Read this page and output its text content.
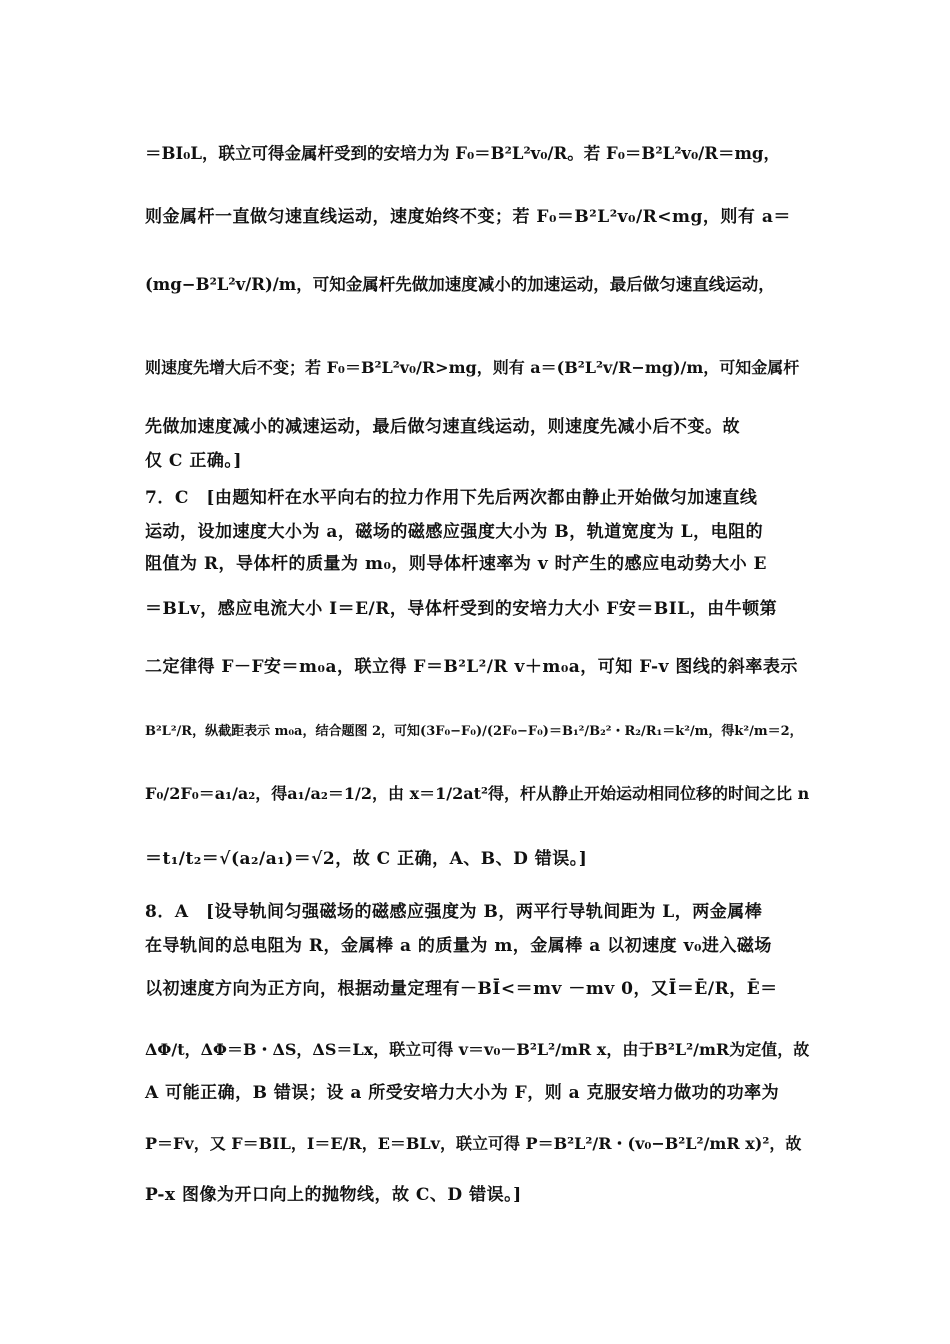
＝BI₀L，联立可得金属杆受到的安培力为 F₀＝B²L²v₀/R。若 F₀＝B²L²v₀/R＝mg，
则金属杆一直做匀速直线运动，速度始终不变；若 F₀＝B²L²v₀/R<mg，则有 a＝
(mg−B²L²v/R)/m，可知金属杆先做加速度减小的加速运动，最后做匀速直线运动，
则速度先增大后不变；若 F₀＝B²L²v₀/R>mg，则有 a＝(B²L²v/R−mg)/m，可知金属杆
先做加速度减小的减速运动，最后做匀速直线运动，则速度先减小后不变。故
仅 C 正确。]
7．C　[由题知杆在水平向右的拉力作用下先后两次都由静止开始做匀加速直线
运动，设加速度大小为 a，磁场的磁感应强度大小为 B，轨道宽度为 L，电阻的
阻值为 R，导体杆的质量为 m₀，则导体杆速率为 v 时产生的感应电动势大小 E
＝BLv，感应电流大小 I＝E/R，导体杆受到的安培力大小 F安＝BIL，由牛顿第
二定律得 F－F安＝m₀a，联立得 F＝B²L²/R v＋m₀a，可知 F-v 图线的斜率表示
B²L²/R，纵截距表示 m₀a，结合题图 2，可知(3F₀−F₀)/(2F₀−F₀)＝B₁²/B₂²・R₂/R₁＝k²/m，得k²/m＝2，
F₀/2F₀＝a₁/a₂，得a₁/a₂＝1/2，由 x＝1/2at²得，杆从静止开始运动相同位移的时间之比 n
＝t₁/t₂＝√(a₂/a₁)＝√2，故 C 正确，A、B、D 错误。]
8．A　[设导轨间匀强磁场的磁感应强度为 B，两平行导轨间距为 L，两金属棒
在导轨间的总电阻为 R，金属棒 a 的质量为 m，金属棒 a 以初速度 v₀进入磁场
以初速度方向为正方向，根据动量定理有－BĪ<＝mv －mv 0，又Ī＝Ē/R，Ē＝
ΔΦ/t，ΔΦ＝B・ΔS，ΔS＝Lx，联立可得 v＝v₀－B²L²/mR x，由于B²L²/mR为定值，故
A 可能正确，B 错误；设 a 所受安培力大小为 F，则 a 克服安培力做功的功率为
P＝Fv，又 F＝BIL，I＝E/R，E＝BLv，联立可得 P＝B²L²/R・(v₀−B²L²/mR x)²，故
P-x 图像为开口向上的抛物线，故 C、D 错误。]
